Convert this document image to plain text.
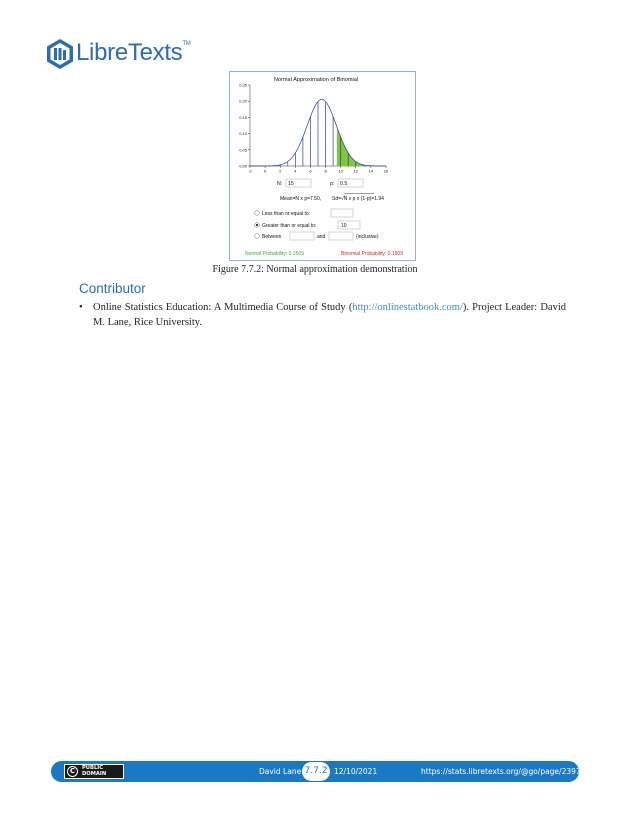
LibreTexts™
Normal Approximation of Binomial
0.00
0.05
0.10
0.15
0.20
0.25
-2	0	2	4	6	8	10	12	14	16
N: 15	p: 0.5
Mean=N x p=7.50, Sd=√N x p x (1-p)=1.94
Less than or equal to:
Greater than or equal to:	10
Between	and	(inclusive)
Normal Probability: 0.1509	Binomial Probability: 0.1509
Figure 7.7.2: Normal approximation demonstration
Contributor
• Online Statistics Education: A Multimedia Course of Study (http://onlinestatbook.com/). Project Leader: David M. Lane, Rice University.
C	PUBLIC
DOMAIN	David Lane 7.7.2 12/10/2021	https://stats.libretexts.org/@go/page/2397
